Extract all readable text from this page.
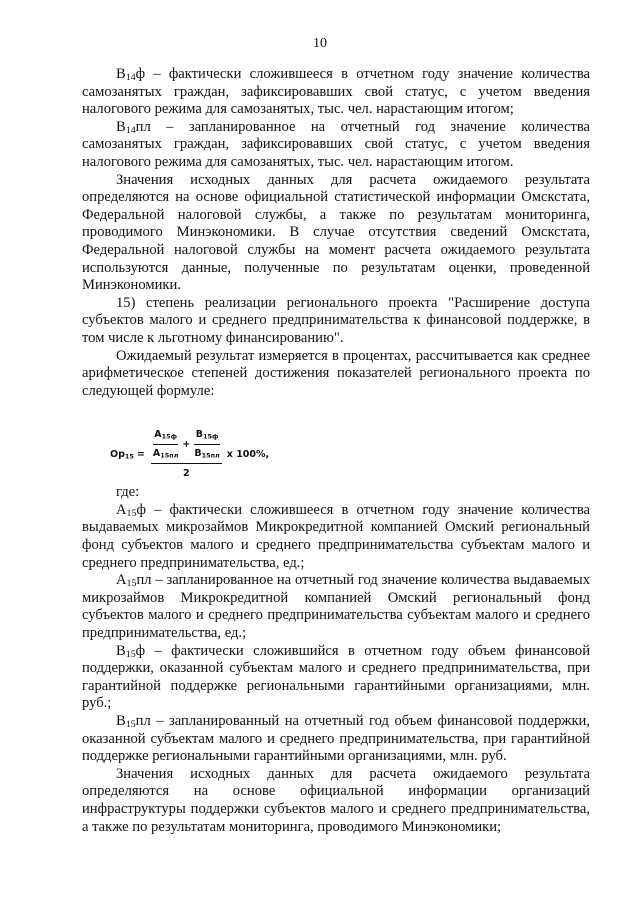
10

$В_{14}ф$ – фактически сложившееся в отчетном году значение количества самозанятых граждан, зафиксировавших свой статус, с учетом введения налогового режима для самозанятых, тыс. чел. нарастающим итогом;

$В_{14}пл$ – запланированное на отчетный год значение количества самозанятых граждан, зафиксировавших свой статус, с учетом введения налогового режима для самозанятых, тыс. чел. нарастающим итогом.

Значения исходных данных для расчета ожидаемого результата определяются на основе официальной статистической информации Омскстата, Федеральной налоговой службы, а также по результатам мониторинга, проводимого Минэкономики. В случае отсутствия сведений Омскстата, Федеральной налоговой службы на момент расчета ожидаемого результата используются данные, полученные по результатам оценки, проведенной Минэкономики.

15) степень реализации регионального проекта "Расширение доступа субъектов малого и среднего предпринимательства к финансовой поддержке, в том числе к льготному финансированию".

Ожидаемый результат измеряется в процентах, рассчитывается как среднее арифметическое степеней достижения показателей регионального проекта по следующей формуле:

$Ор_{15} = \frac{А_{15ф}}{А_{15пл}} + \frac{В_{15ф}}{В_{15пл}}$
2
х 100%,

где:

$А_{15}ф$ – фактически сложившееся в отчетном году значение количества выдаваемых микрозаймов Микрокредитной компанией Омский региональный фонд субъектов малого и среднего предпринимательства субъектам малого и среднего предпринимательства, ед.;

$А_{15}пл$ – запланированное на отчетный год значение количества выдаваемых микрозаймов Микрокредитной компанией Омский региональный фонд субъектов малого и среднего предпринимательства субъектам малого и среднего предпринимательства, ед.;

$В_{15}ф$ – фактически сложившийся в отчетном году объем финансовой поддержки, оказанной субъектам малого и среднего предпринимательства, при гарантийной поддержке региональными гарантийными организациями, млн. руб.;

$В_{15}пл$ – запланированный на отчетный год объем финансовой поддержки, оказанной субъектам малого и среднего предпринимательства, при гарантийной поддержке региональными гарантийными организациями, млн. руб.

Значения исходных данных для расчета ожидаемого результата определяются на основе официальной информации организаций инфраструктуры поддержки субъектов малого и среднего предпринимательства, а также по результатам мониторинга, проводимого Минэкономики;
